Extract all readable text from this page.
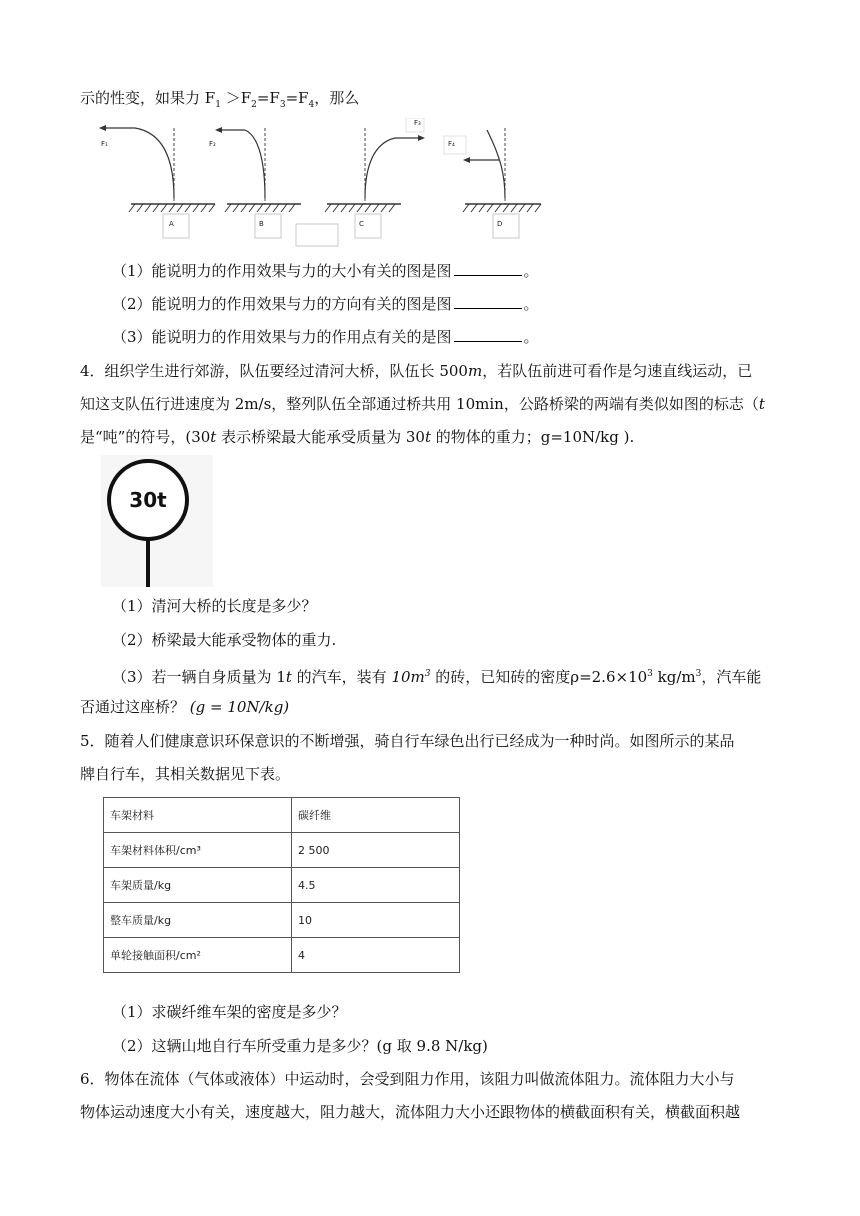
示的性变，如果力 $F_1 >F_2=F_3=F_4$，那么
F₁
A
F₂
B
F₃
C
F₄
D
（1）能说明力的作用效果与力的大小有关的图是图	。
（2）能说明力的作用效果与力的方向有关的图是图	。
（3）能说明力的作用效果与力的作用点有关的是图	。
4．组织学生进行郊游，队伍要经过清河大桥，队伍长 500m，若队伍前进可看作是匀速直线运动，已
知这支队伍行进速度为 2m/s，整列队伍全部通过桥共用 10min，公路桥梁的两端有类似如图的标志（t
是“吨”的符号，(30t 表示桥梁最大能承受质量为 30t 的物体的重力；g=10N/kg ).
30t
（1）清河大桥的长度是多少？
（2）桥梁最大能承受物体的重力.
（3）若一辆自身质量为 1t 的汽车，装有 $10m^3$ 的砖，已知砖的密度$\rho=2.6\times 10^3$ $kg/m^3$，汽车能
否通过这座桥？ (g = 10N/kg)
5．随着人们健康意识环保意识的不断增强，骑自行车绿色出行已经成为一种时尚。如图所示的某品
牌自行车，其相关数据见下表。
车架材料	碳纤维
车架材料体积/cm³	2 500
车架质量/kg	4.5
整车质量/kg	10
单轮接触面积/cm²	4
（1）求碳纤维车架的密度是多少？
（2）这辆山地自行车所受重力是多少？(g 取 9.8 N/kg)
6．物体在流体（气体或液体）中运动时，会受到阻力作用，该阻力叫做流体阻力。流体阻力大小与
物体运动速度大小有关，速度越大，阻力越大，流体阻力大小还跟物体的横截面积有关，横截面积越
